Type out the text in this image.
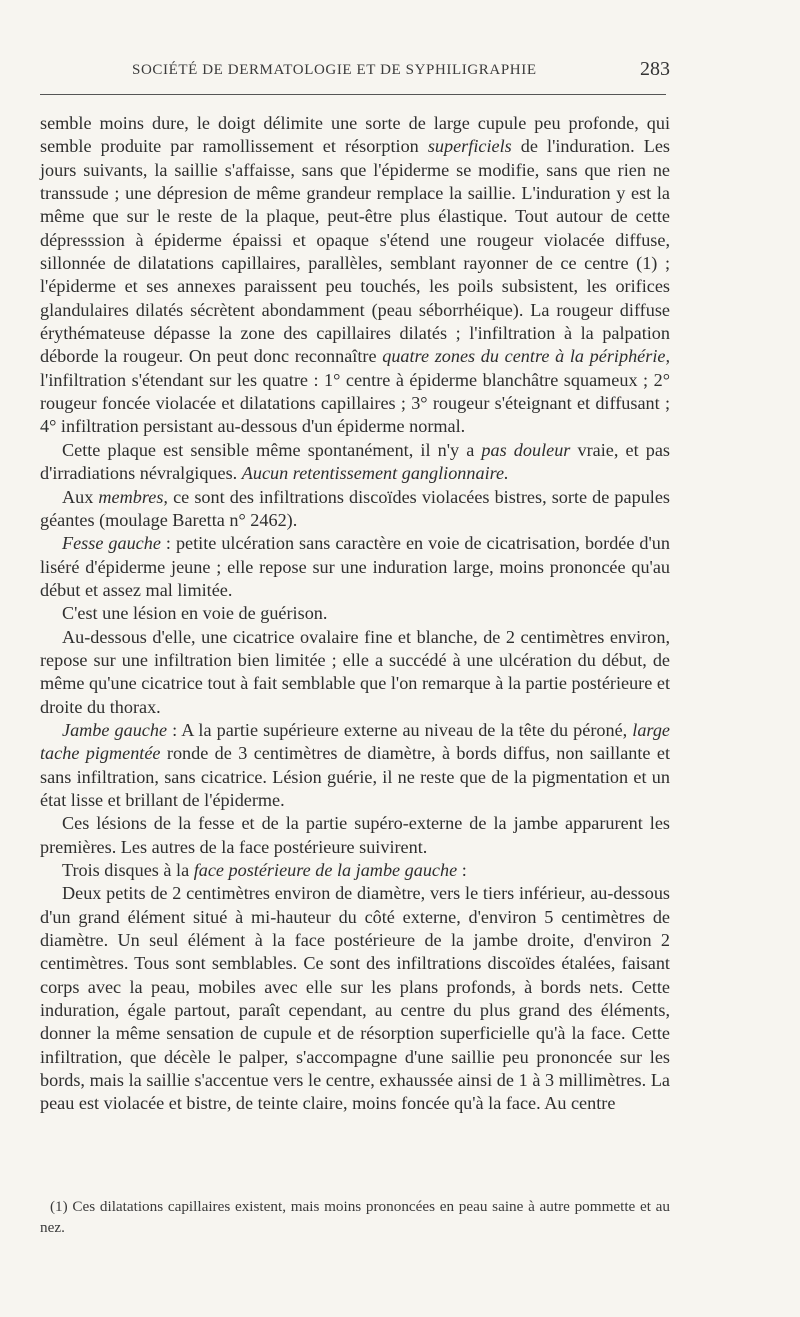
SOCIÉTÉ DE DERMATOLOGIE ET DE SYPHILIGRAPHIE	283

semble moins dure, le doigt délimite une sorte de large cupule peu profonde, qui semble produite par ramollissement et résorption superficiels de l'induration. Les jours suivants, la saillie s'affaisse, sans que l'épiderme se modifie, sans que rien ne transsude ; une dépresion de même grandeur remplace la saillie. L'induration y est la même que sur le reste de la plaque, peut-être plus élastique. Tout autour de cette dépresssion à épiderme épaissi et opaque s'étend une rougeur violacée diffuse, sillonnée de dilatations capillaires, parallèles, semblant rayonner de ce centre (1) ; l'épiderme et ses annexes paraissent peu touchés, les poils subsistent, les orifices glandulaires dilatés sécrètent abondamment (peau séborrhéique). La rougeur diffuse érythémateuse dépasse la zone des capillaires dilatés ; l'infiltration à la palpation déborde la rougeur. On peut donc reconnaître quatre zones du centre à la périphérie, l'infiltration s'étendant sur les quatre : 1° centre à épiderme blanchâtre squameux ; 2° rougeur foncée violacée et dilatations capillaires ; 3° rougeur s'éteignant et diffusant ; 4° infiltration persistant au-dessous d'un épiderme normal.

Cette plaque est sensible même spontanément, il n'y a pas douleur vraie, et pas d'irradiations névralgiques. Aucun retentissement ganglionnaire.

Aux membres, ce sont des infiltrations discoïdes violacées bistres, sorte de papules géantes (moulage Baretta n° 2462).

Fesse gauche : petite ulcération sans caractère en voie de cicatrisation, bordée d'un liséré d'épiderme jeune ; elle repose sur une induration large, moins prononcée qu'au début et assez mal limitée.

C'est une lésion en voie de guérison.

Au-dessous d'elle, une cicatrice ovalaire fine et blanche, de 2 centimètres environ, repose sur une infiltration bien limitée ; elle a succédé à une ulcération du début, de même qu'une cicatrice tout à fait semblable que l'on remarque à la partie postérieure et droite du thorax.

Jambe gauche : A la partie supérieure externe au niveau de la tête du péroné, large tache pigmentée ronde de 3 centimètres de diamètre, à bords diffus, non saillante et sans infiltration, sans cicatrice. Lésion guérie, il ne reste que de la pigmentation et un état lisse et brillant de l'épiderme.

Ces lésions de la fesse et de la partie supéro-externe de la jambe apparurent les premières. Les autres de la face postérieure suivirent.

Trois disques à la face postérieure de la jambe gauche :

Deux petits de 2 centimètres environ de diamètre, vers le tiers inférieur, au-dessous d'un grand élément situé à mi-hauteur du côté externe, d'environ 5 centimètres de diamètre. Un seul élément à la face postérieure de la jambe droite, d'environ 2 centimètres. Tous sont semblables. Ce sont des infiltrations discoïdes étalées, faisant corps avec la peau, mobiles avec elle sur les plans profonds, à bords nets. Cette induration, égale partout, paraît cependant, au centre du plus grand des éléments, donner la même sensation de cupule et de résorption superficielle qu'à la face. Cette infiltration, que décèle le palper, s'accompagne d'une saillie peu prononcée sur les bords, mais la saillie s'accentue vers le centre, exhaussée ainsi de 1 à 3 millimètres. La peau est violacée et bistre, de teinte claire, moins foncée qu'à la face. Au centre

(1) Ces dilatations capillaires existent, mais moins prononcées en peau saine à autre pommette et au nez.
